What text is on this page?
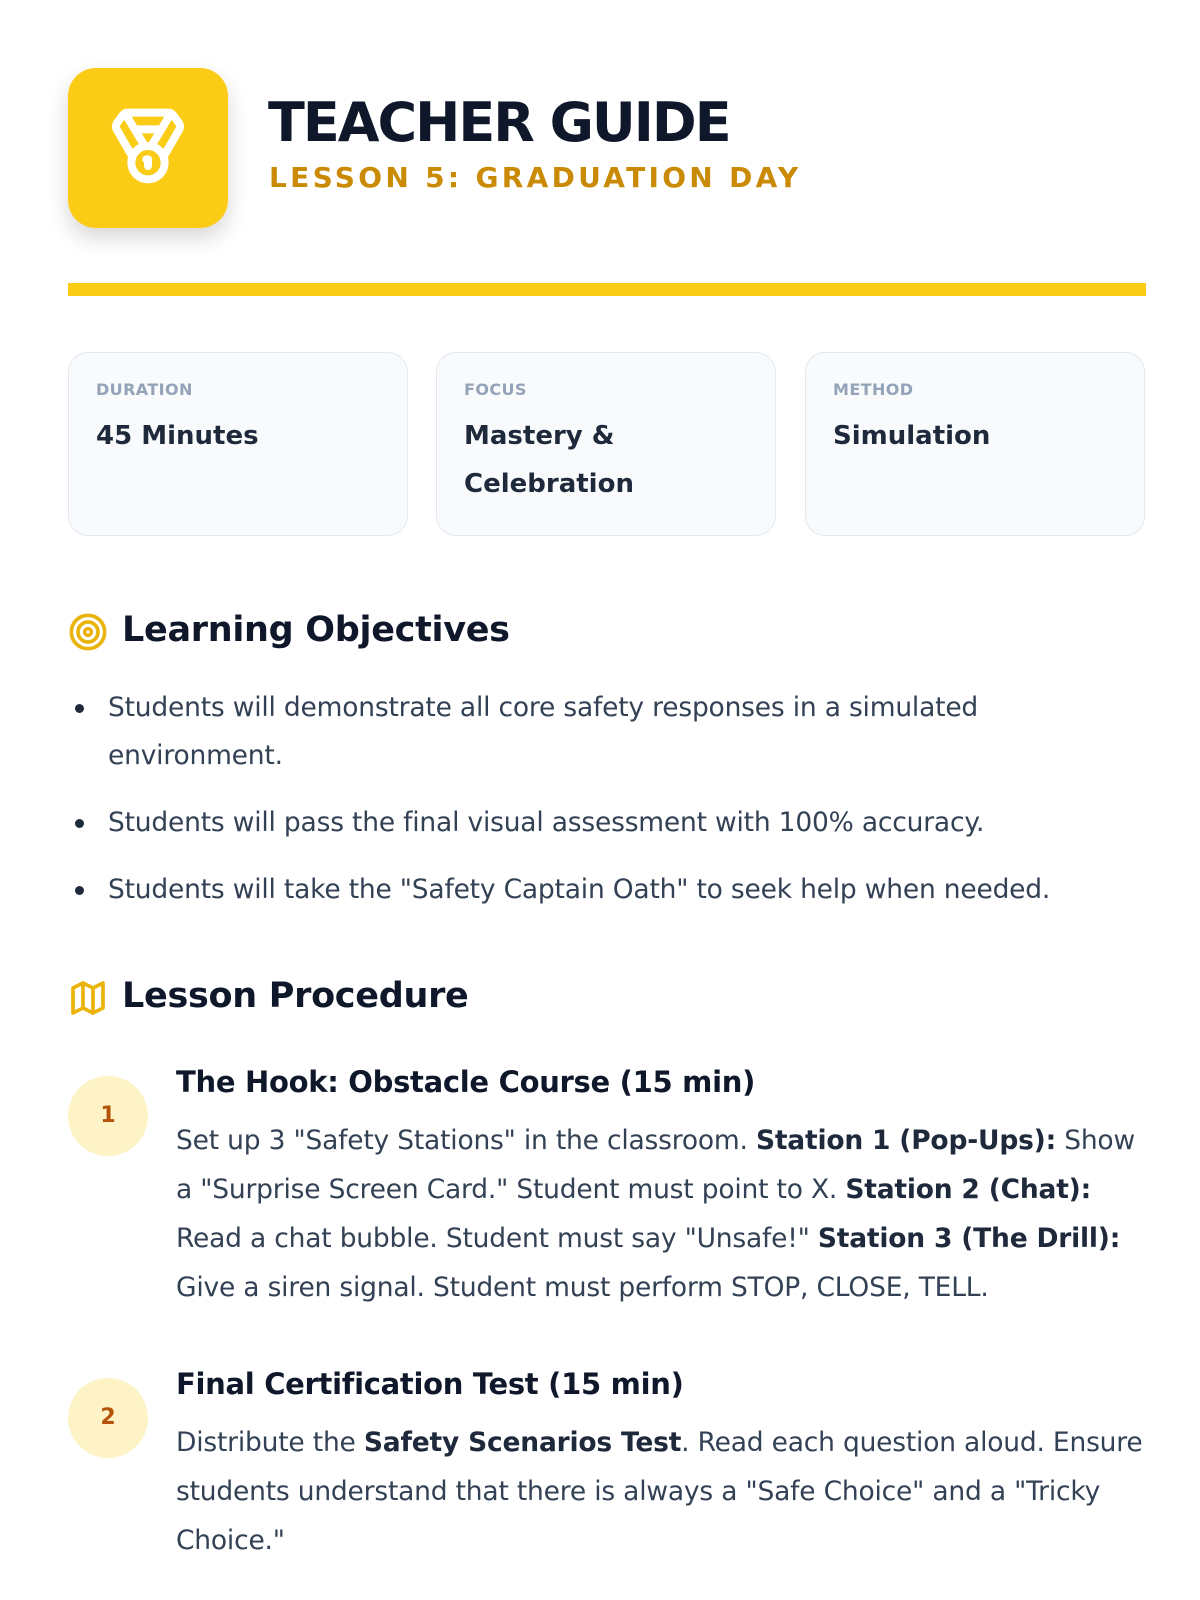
TEACHER GUIDE
LESSON 5: GRADUATION DAY
DURATION
45 Minutes
FOCUS
Mastery & Celebration
METHOD
Simulation
Learning Objectives
Students will demonstrate all core safety responses in a simulated environment.
Students will pass the final visual assessment with 100% accuracy.
Students will take the "Safety Captain Oath" to seek help when needed.
Lesson Procedure
1
The Hook: Obstacle Course (15 min)
Set up 3 "Safety Stations" in the classroom. Station 1 (Pop-Ups): Show a "Surprise Screen Card." Student must point to X. Station 2 (Chat): Read a chat bubble. Student must say "Unsafe!" Station 3 (The Drill): Give a siren signal. Student must perform STOP, CLOSE, TELL.
2
Final Certification Test (15 min)
Distribute the Safety Scenarios Test. Read each question aloud. Ensure students understand that there is always a "Safe Choice" and a "Tricky Choice."
